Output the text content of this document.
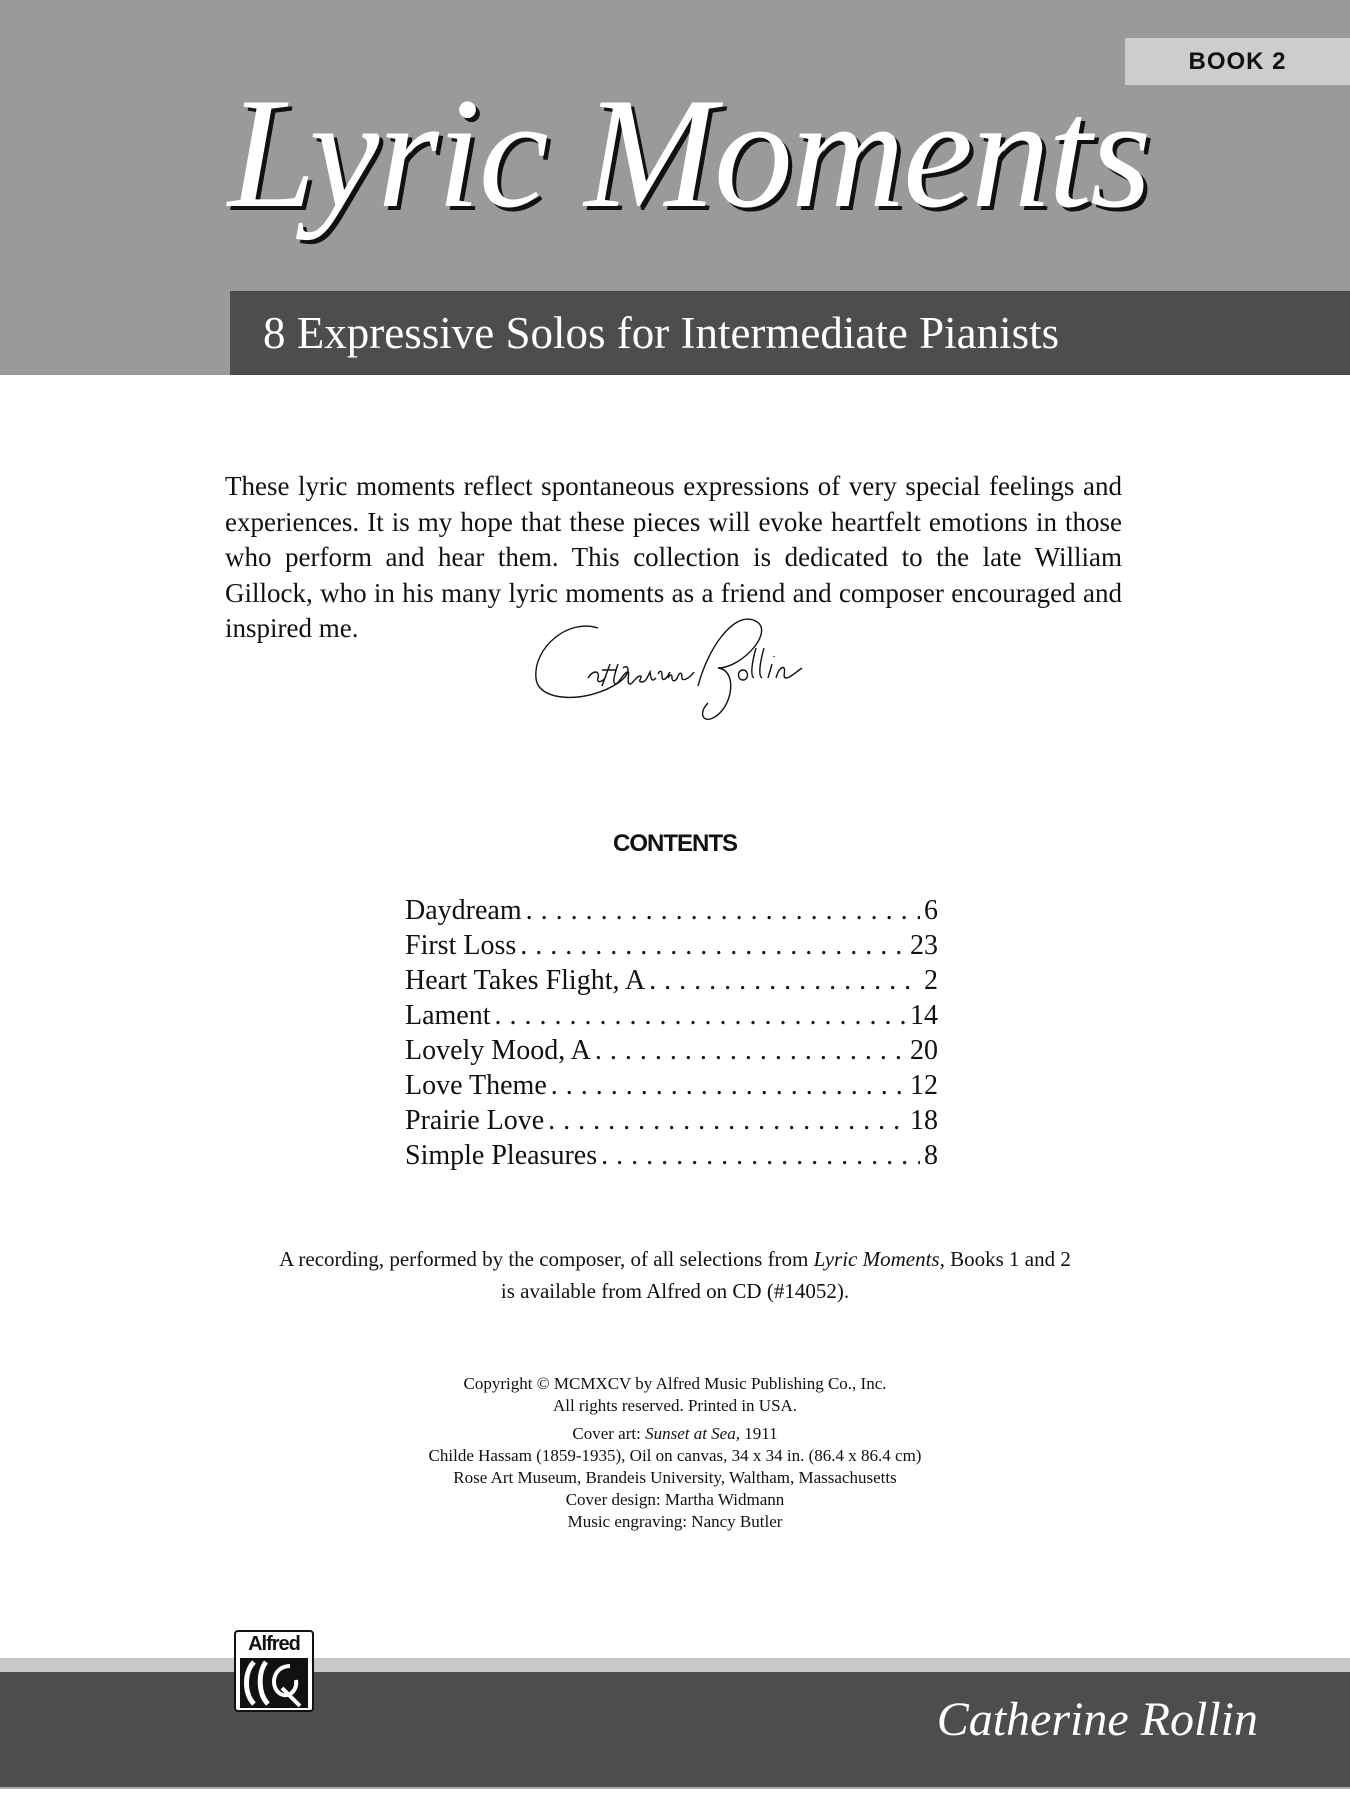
BOOK 2
Lyric Moments
8 Expressive Solos for Intermediate Pianists

These lyric moments reflect spontaneous expressions of very special feelings and experiences. It is my hope that these pieces will evoke heartfelt emotions in those who perform and hear them. This collection is dedicated to the late William Gillock, who in his many lyric moments as a friend and composer encouraged and inspired me.

CONTENTS
Daydream . . .	6
First Loss . . .	23
Heart Takes Flight, A . . .	2
Lament . . .	14
Lovely Mood, A . . .	20
Love Theme . . .	12
Prairie Love . . .	18
Simple Pleasures . . .	8
A recording, performed by the composer, of all selections from Lyric Moments, Books 1 and 2
is available from Alfred on CD (#14052).
Copyright © MCMXCV by Alfred Music Publishing Co., Inc.
All rights reserved. Printed in USA.
Cover art: Sunset at Sea, 1911
Childe Hassam (1859-1935), Oil on canvas, 34 x 34 in. (86.4 x 86.4 cm)
Rose Art Museum, Brandeis University, Waltham, Massachusetts
Cover design: Martha Widmann
Music engraving: Nancy Butler
Catherine Rollin
Alfred
